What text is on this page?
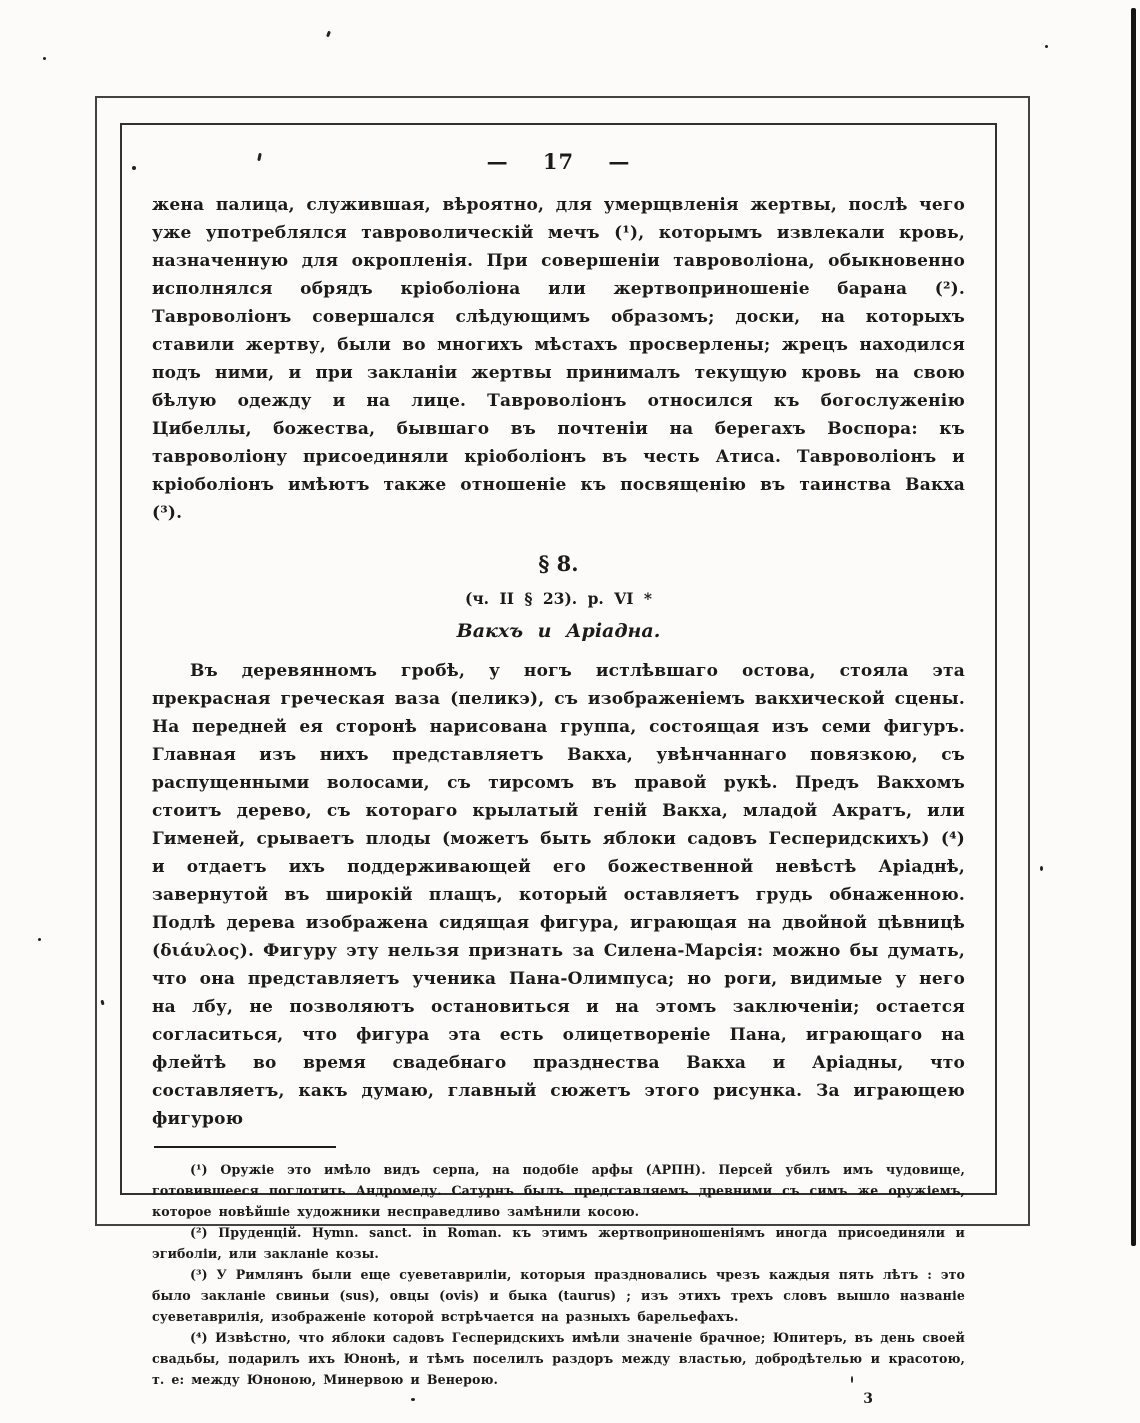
— 17 —
жена палица, служившая, вѣроятно, для умерщвленія жертвы, послѣ чего уже употреблялся тавроволическій мечъ (¹), которымъ извлекали кровь, назначенную для окропленія. При совершеніи тавроволіона, обыкновенно исполнялся обрядъ кріоболіона или жертвоприношеніе барана (²). Тавроволіонъ совершался слѣдующимъ образомъ; доски, на которыхъ ставили жертву, были во многихъ мѣстахъ просверлены; жрецъ находился подъ ними, и при закланіи жертвы принималъ текущую кровь на свою бѣлую одежду и на лице. Тавроволіонъ относился къ богослуженію Цибеллы, божества, бывшаго въ почтеніи на берегахъ Воспора: къ тавроволіону присоединяли кріоболіонъ въ честь Атиса. Тавроволіонъ и кріоболіонъ имѣютъ также отношеніе къ посвященію въ таинства Вакха (³).
§ 8.
(ч. II § 23). p. VI *
Вакхъ и Аріадна.
Въ деревянномъ гробѣ, у ногъ истлѣвшаго остова, стояла эта прекрасная греческая ваза (пеликэ), съ изображеніемъ вакхической сцены. На передней ея сторонѣ нарисована группа, состоящая изъ семи фигуръ. Главная изъ нихъ представляетъ Вакха, увѣнчаннаго повязкою, съ распущенными волосами, съ тирсомъ въ правой рукѣ. Предъ Вакхомъ стоитъ дерево, съ котораго крылатый геній Вакха, младой Акратъ, или Гименей, срываетъ плоды (можетъ быть яблоки садовъ Гесперидскихъ) (⁴) и отдаетъ ихъ поддерживающей его божественной невѣстѣ Аріаднѣ, завернутой въ широкій плащъ, который оставляетъ грудь обнаженною. Подлѣ дерева изображена сидящая фигура, играющая на двойной цѣвницѣ (διάυλος). Фигуру эту нельзя признать за Силена-Марсія: можно бы думать, что она представляетъ ученика Пана-Олимпуса; но роги, видимые у него на лбу, не позволяютъ остановиться и на этомъ заключеніи; остается согласиться, что фигура эта есть олицетвореніе Пана, играющаго на флейтѣ во время свадебнаго празднества Вакха и Аріадны, что составляетъ, какъ думаю, главный сюжетъ этого рисунка. За играющею фигурою
(¹) Оружіе это имѣло видъ серпа, на подобіе арфы (ΑΡΠΗ). Персей убилъ имъ чудовище, готовившееся поглотить Андромеду. Сатурнъ былъ представляемъ древними съ симъ же оружіемъ, которое новѣйшіе художники несправедливо замѣнили косою.
(²) Пруденцій. Hymn. sanct. in Roman. къ этимъ жертвоприношеніямъ иногда присоединяли и эгиболіи, или закланіе козы.
(³) У Римлянъ были еще суеветавриліи, которыя праздновались чрезъ каждыя пять лѣтъ : это было закланіе свиньи (sus), овцы (ovis) и быка (taurus) ; изъ этихъ трехъ словъ вышло названіе суеветаврилія, изображеніе которой встрѣчается на разныхъ барельефахъ.
(⁴) Извѣстно, что яблоки садовъ Гесперидскихъ имѣли значеніе брачное; Юпитеръ, въ день своей свадьбы, подарилъ ихъ Юнонѣ, и тѣмъ поселилъ раздоръ между властью, добродѣтелью и красотою, т. е: между Юноною, Минервою и Венерою.
3
